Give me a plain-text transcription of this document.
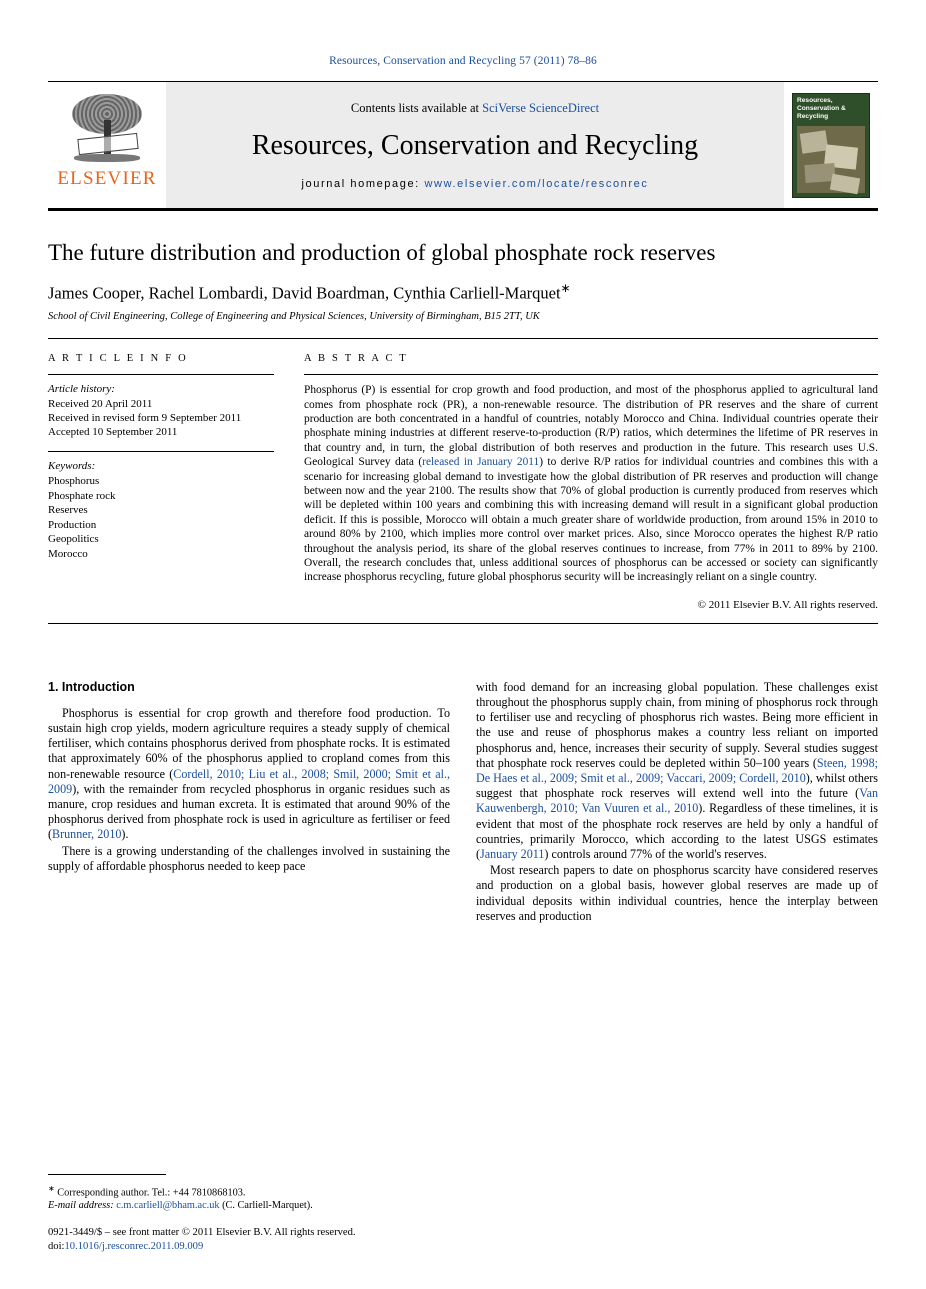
Resources, Conservation and Recycling 57 (2011) 78–86
ELSEVIER
Contents lists available at SciVerse ScienceDirect
Resources, Conservation and Recycling
journal homepage: www.elsevier.com/locate/resconrec
Resources, Conservation & Recycling
The future distribution and production of global phosphate rock reserves
James Cooper, Rachel Lombardi, David Boardman, Cynthia Carliell-Marquet∗
School of Civil Engineering, College of Engineering and Physical Sciences, University of Birmingham, B15 2TT, UK
A R T I C L E I N F O
Article history:
Received 20 April 2011
Received in revised form 9 September 2011
Accepted 10 September 2011
Keywords:
Phosphorus
Phosphate rock
Reserves
Production
Geopolitics
Morocco
A B S T R A C T

Phosphorus (P) is essential for crop growth and food production, and most of the phosphorus applied to agricultural land comes from phosphate rock (PR), a non-renewable resource. The distribution of PR reserves and the share of current production are both concentrated in a handful of countries, notably Morocco and China. Individual countries operate their phosphate mining industries at different reserve-to-production (R/P) ratios, which determines the lifetime of PR reserves in that country and, in turn, the global distribution of both reserves and production in the future. This research uses U.S. Geological Survey data (released in January 2011) to derive R/P ratios for individual countries and combines this with a scenario for increasing global demand to investigate how the global distribution of PR reserves and production will change between now and the year 2100. The results show that 70% of global production is currently produced from reserves which will be depleted within 100 years and combining this with increasing demand will result in a significant global production deficit. If this is possible, Morocco will obtain a much greater share of worldwide production, from around 15% in 2010 to around 80% by 2100, which implies more control over market prices. Also, since Morocco operates the highest R/P ratio throughout the analysis period, its share of the global reserves continues to increase, from 77% in 2011 to 89% by 2100. Overall, the research concludes that, unless additional sources of phosphorus can be accessed or society can significantly increase phosphorus recycling, future global phosphorus security will be increasingly reliant on a single country.

© 2011 Elsevier B.V. All rights reserved.
1. Introduction

Phosphorus is essential for crop growth and therefore food production. To sustain high crop yields, modern agriculture requires a steady supply of chemical fertiliser, which contains phosphorus derived from phosphate rocks. It is estimated that approximately 60% of the phosphorus applied to cropland comes from this non-renewable resource (Cordell, 2010; Liu et al., 2008; Smil, 2000; Smit et al., 2009), with the remainder from recycled phosphorus in organic residues such as manure, crop residues and human excreta. It is estimated that around 90% of the phosphorus derived from phosphate rock is used in agriculture as fertiliser or feed (Brunner, 2010).

There is a growing understanding of the challenges involved in sustaining the supply of affordable phosphorus needed to keep pace

with food demand for an increasing global population. These challenges exist throughout the phosphorus supply chain, from mining of phosphorus rock through to fertiliser use and recycling of phosphorus rich wastes. Being more efficient in the use and reuse of phosphorus makes a country less reliant on imported phosphorus and, hence, increases their security of supply. Several studies suggest that phosphate rock reserves could be depleted within 50–100 years (Steen, 1998; De Haes et al., 2009; Smit et al., 2009; Vaccari, 2009; Cordell, 2010), whilst others suggest that phosphate rock reserves will extend well into the future (Van Kauwenbergh, 2010; Van Vuuren et al., 2010). Regardless of these timelines, it is evident that most of the phosphate rock reserves are held by only a handful of countries, primarily Morocco, which according to the latest USGS estimates (January 2011) controls around 77% of the world's reserves.

Most research papers to date on phosphorus scarcity have considered reserves and production on a global basis, however global reserves are made up of individual deposits within individual countries, hence the interplay between reserves and production

∗ Corresponding author. Tel.: +44 7810868103.
E-mail address: c.m.carliell@bham.ac.uk (C. Carliell-Marquet).
0921-3449/$ – see front matter © 2011 Elsevier B.V. All rights reserved.
doi:10.1016/j.resconrec.2011.09.009
